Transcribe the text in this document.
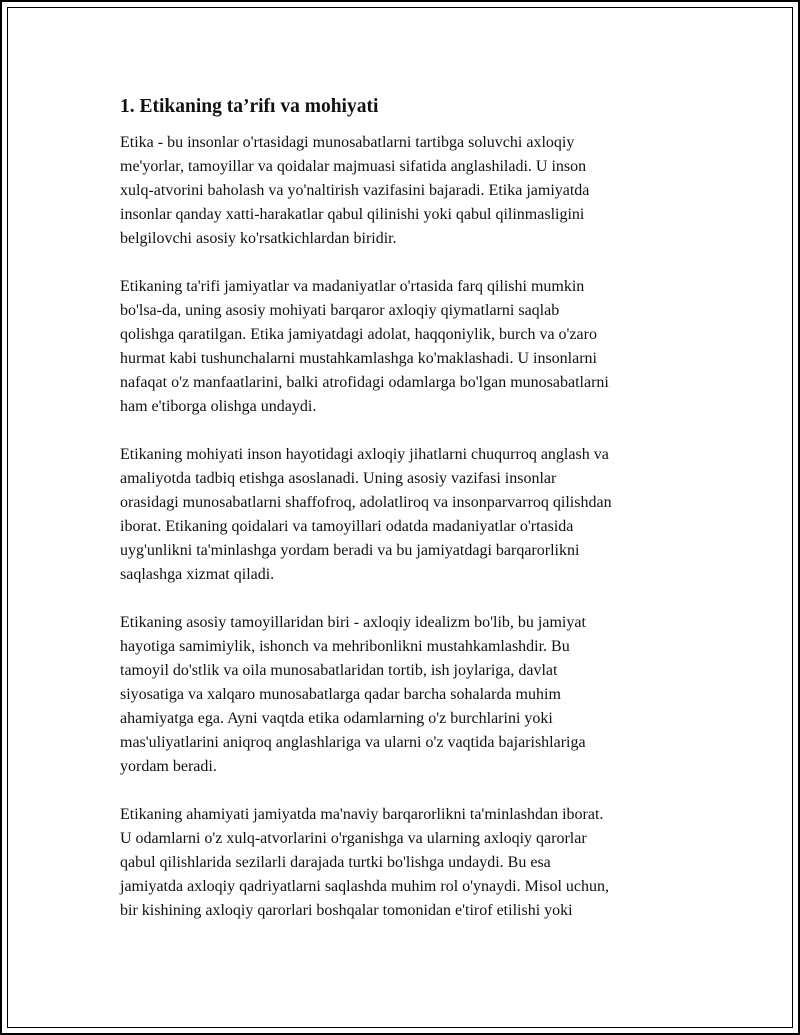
1. Etikaning ta’rifı va mohiyati
Etika - bu insonlar o'rtasidagi munosabatlarni tartibga soluvchi axloqiy
me'yorlar, tamoyillar va qoidalar majmuasi sifatida anglashiladi. U inson
xulq-atvorini baholash va yo'naltirish vazifasini bajaradi. Etika jamiyatda
insonlar qanday xatti-harakatlar qabul qilinishi yoki qabul qilinmasligini
belgilovchi asosiy ko'rsatkichlardan biridir.
Etikaning ta'rifi jamiyatlar va madaniyatlar o'rtasida farq qilishi mumkin
bo'lsa-da, uning asosiy mohiyati barqaror axloqiy qiymatlarni saqlab
qolishga qaratilgan. Etika jamiyatdagi adolat, haqqoniylik, burch va o'zaro
hurmat kabi tushunchalarni mustahkamlashga ko'maklashadi. U insonlarni
nafaqat o'z manfaatlarini, balki atrofidagi odamlarga bo'lgan munosabatlarni
ham e'tiborga olishga undaydi.
Etikaning mohiyati inson hayotidagi axloqiy jihatlarni chuqurroq anglash va
amaliyotda tadbiq etishga asoslanadi. Uning asosiy vazifasi insonlar
orasidagi munosabatlarni shaffofroq, adolatliroq va insonparvarroq qilishdan
iborat. Etikaning qoidalari va tamoyillari odatda madaniyatlar o'rtasida
uyg'unlikni ta'minlashga yordam beradi va bu jamiyatdagi barqarorlikni
saqlashga xizmat qiladi.
Etikaning asosiy tamoyillaridan biri - axloqiy idealizm bo'lib, bu jamiyat
hayotiga samimiylik, ishonch va mehribonlikni mustahkamlashdir. Bu
tamoyil do'stlik va oila munosabatlaridan tortib, ish joylariga, davlat
siyosatiga va xalqaro munosabatlarga qadar barcha sohalarda muhim
ahamiyatga ega. Ayni vaqtda etika odamlarning o'z burchlarini yoki
mas'uliyatlarini aniqroq anglashlariga va ularni o'z vaqtida bajarishlariga
yordam beradi.
Etikaning ahamiyati jamiyatda ma'naviy barqarorlikni ta'minlashdan iborat.
U odamlarni o'z xulq-atvorlarini o'rganishga va ularning axloqiy qarorlar
qabul qilishlarida sezilarli darajada turtki bo'lishga undaydi. Bu esa
jamiyatda axloqiy qadriyatlarni saqlashda muhim rol o'ynaydi. Misol uchun,
bir kishining axloqiy qarorlari boshqalar tomonidan e'tirof etilishi yoki
